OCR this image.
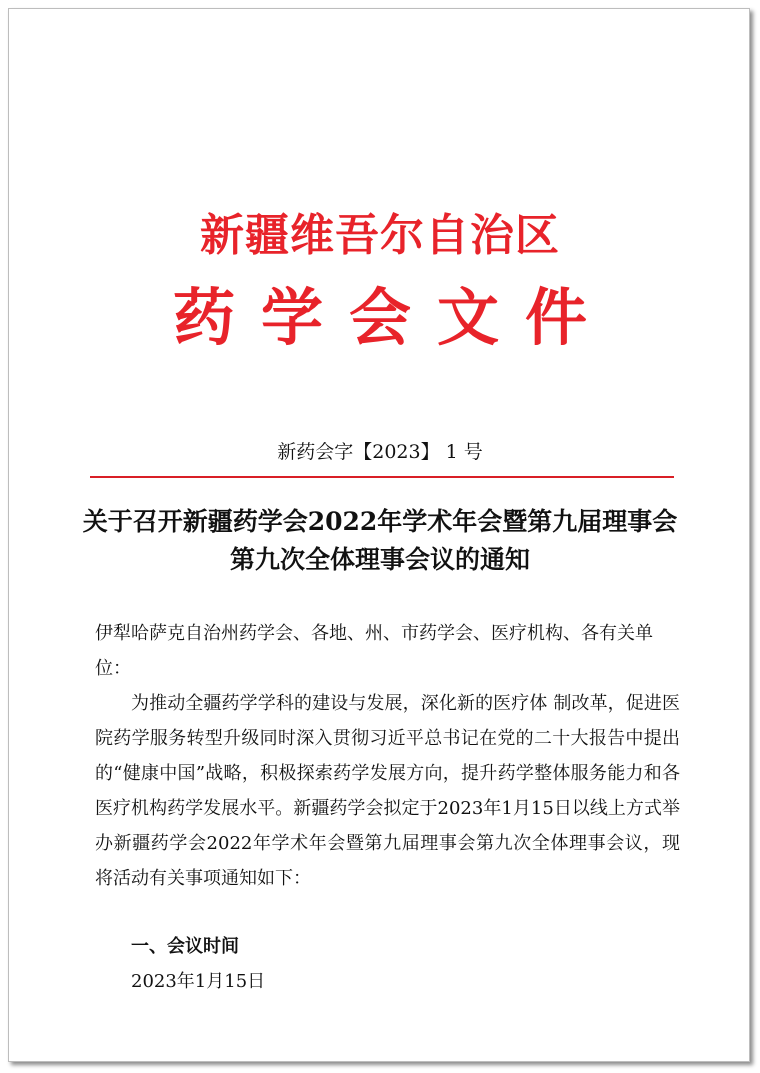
新疆维吾尔自治区
药学会文件
新药会字【2023】 1 号
关于召开新疆药学会2022年学术年会暨第九届理事会第九次全体理事会议的通知
伊犁哈萨克自治州药学会、各地、州、市药学会、医疗机构、各有关单位：
为推动全疆药学学科的建设与发展，深化新的医疗体 制改革，促进医院药学服务转型升级同时深入贯彻习近平总书记在党的二十大报告中提出的“健康中国”战略，积极探索药学发展方向，提升药学整体服务能力和各医疗机构药学发展水平。新疆药学会拟定于2023年1月15日以线上方式举办新疆药学会2022年学术年会暨第九届理事会第九次全体理事会议，现将活动有关事项通知如下：
一、会议时间
2023年1月15日
